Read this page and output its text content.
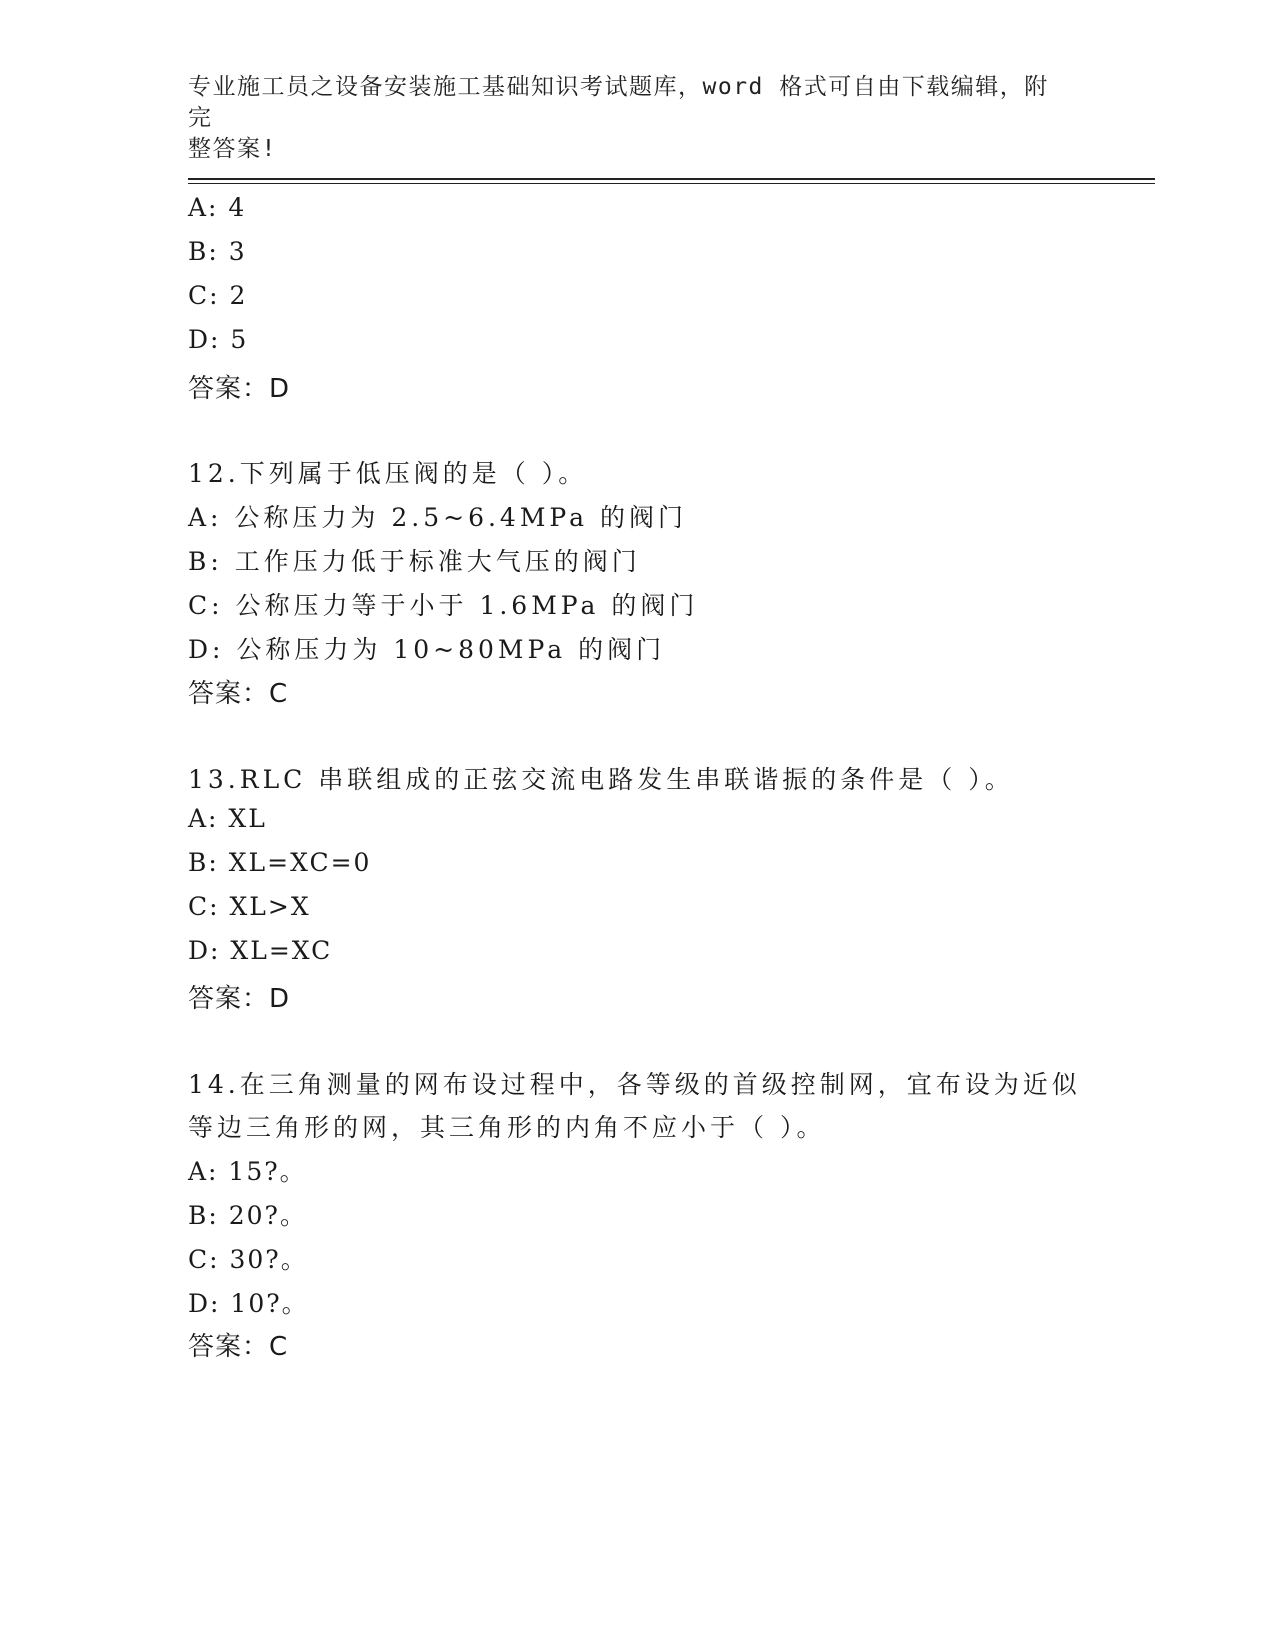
专业施工员之设备安装施工基础知识考试题库，word 格式可自由下载编辑，附完
整答案!
A: 4
B: 3
C: 2
D: 5
答案：D
12.下列属于低压阀的是（ ）。
A: 公称压力为 2.5~6.4MPa 的阀门
B: 工作压力低于标准大气压的阀门
C: 公称压力等于小于 1.6MPa 的阀门
D: 公称压力为 10~80MPa 的阀门
答案：C
13.RLC 串联组成的正弦交流电路发生串联谐振的条件是（ ）。
A: XL
B: XL=XC=0
C: XL>X
D: XL=XC
答案：D
14.在三角测量的网布设过程中，各等级的首级控制网，宜布设为近似
等边三角形的网，其三角形的内角不应小于（ ）。
A: 15?。
B: 20?。
C: 30?。
D: 10?。
答案：C
